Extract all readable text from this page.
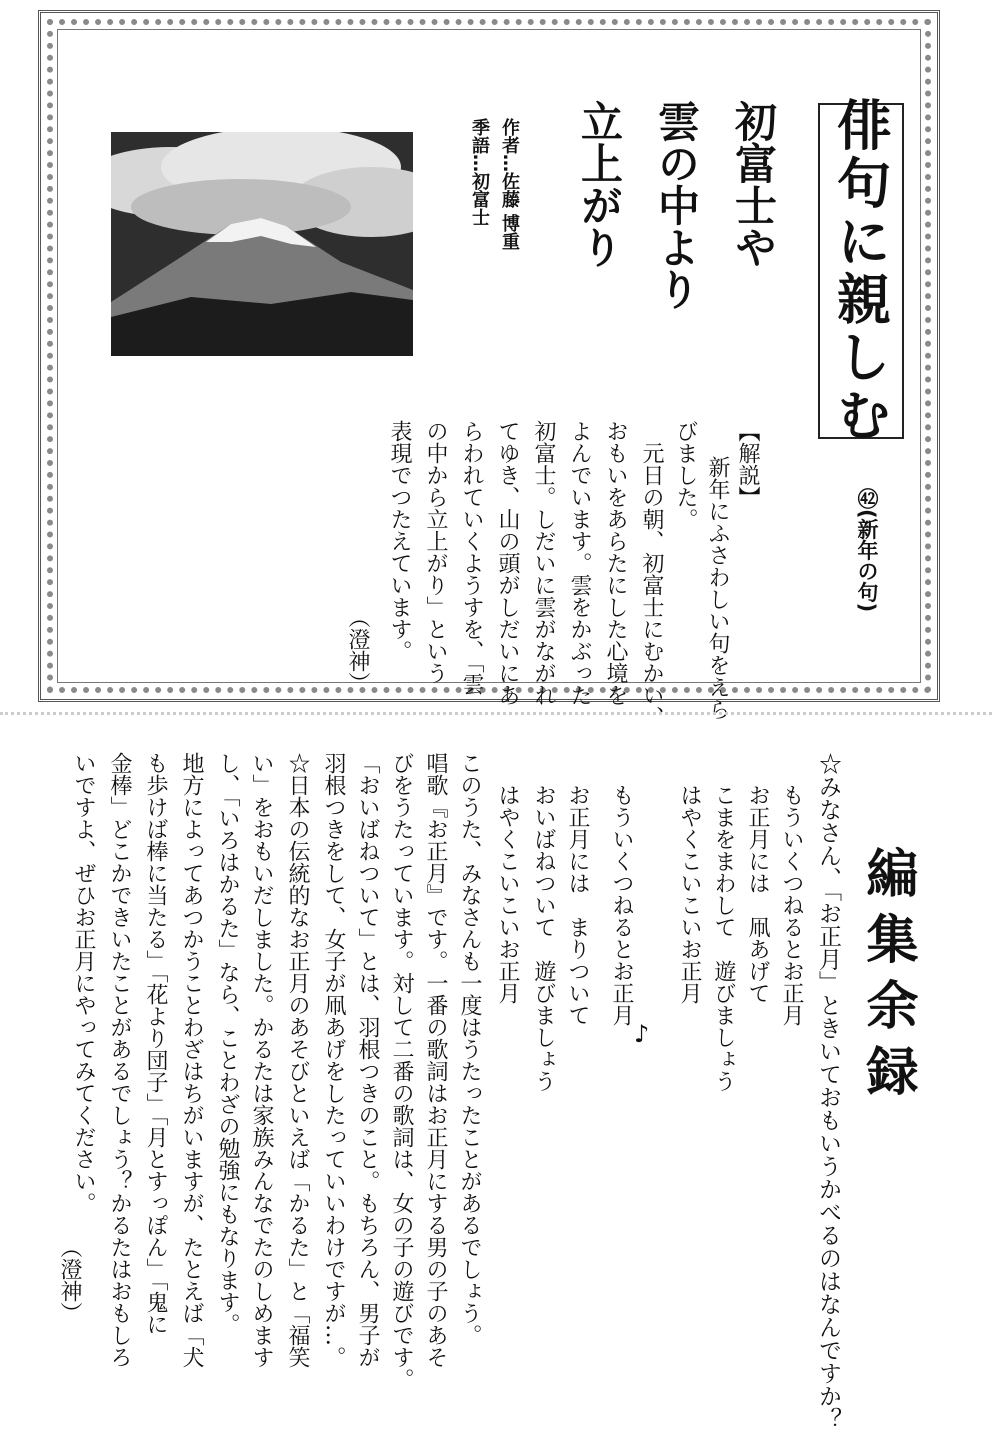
俳句に親しむ
㊷(新年の句)
初富士や
雲の中より
立上がり
作者…佐藤 博重
季語…初富士
【解説】
新年にふさわしい句をえら
びました。
　元日の朝、初富士にむかい、
おもいをあらたにした心境を
よんでいます。雲をかぶった
初富士。しだいに雲がながれ
てゆき、山の頭がしだいにあ
らわれていくようすを、「雲
の中から立上がり」という
表現でつたえています。
（澄神）
編集余録
☆みなさん、「お正月」ときいておもいうかべるのはなんですか？
もういくつねるとお正月
お正月には　凧あげて
こまをまわして　遊びましょう
はやくこいこいお正月
もういくつねるとお正月
お正月には　まりついて
おいばねついて　遊びましょう
はやくこいこいお正月
♪
このうた、みなさんも一度はうたったことがあるでしょう。
唱歌『お正月』です。一番の歌詞はお正月にする男の子のあそ
びをうたっています。対して二番の歌詞は、女の子の遊びです。
「おいばねついて」とは、羽根つきのこと。もちろん、男子が
羽根つきをして、女子が凧あげをしたっていいわけですが…。
☆日本の伝統的なお正月のあそびといえば「かるた」と「福笑
い」をおもいだしました。かるたは家族みんなでたのしめます
し、「いろはかるた」なら、ことわざの勉強にもなります。
地方によってあつかうことわざはちがいますが、たとえば「犬
も歩けば棒に当たる」「花より団子」「月とすっぽん」「鬼に
金棒」どこかできいたことがあるでしょう？かるたはおもしろ
いですよ、ぜひお正月にやってみてください。
（澄神）
